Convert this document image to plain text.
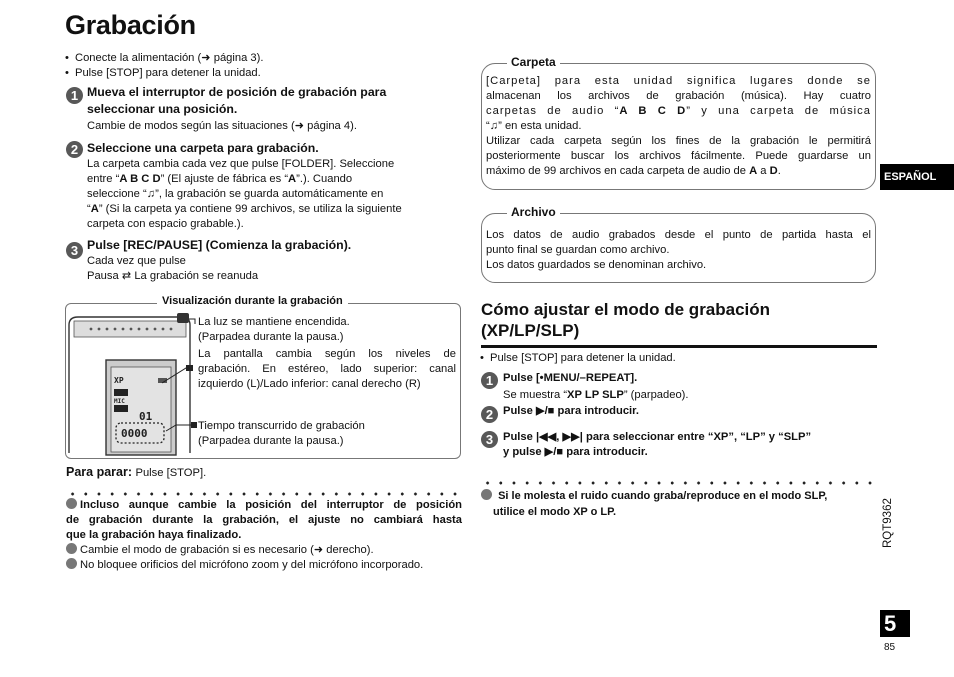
Grabación
• Conecte la alimentación (➜ página 3).
• Pulse [STOP] para detener la unidad.
1 Mueva el interruptor de posición de grabación para
seleccionar una posición.
Cambie de modos según las situaciones (➜ página 4).
2 Seleccione una carpeta para grabación.
La carpeta cambia cada vez que pulse [FOLDER]. Seleccione
entre “A B C D” (El ajuste de fábrica es “A”.). Cuando
seleccione “♫”, la grabación se guarda automáticamente en
“A” (Si la carpeta ya contiene 99 archivos, se utiliza la siguiente
carpeta con espacio grabable.).
3 Pulse [REC/PAUSE] (Comienza la grabación).
Cada vez que pulse
Pausa ⇄ La grabación se reanuda
Visualización durante la grabación
XP
MIC
01
0000
La luz se mantiene encendida.
(Parpadea durante la pausa.)
La pantalla cambia según los niveles de
grabación. En estéreo, lado superior: canal
izquierdo (L)/Lado inferior: canal derecho (R)
Tiempo transcurrido de grabación
(Parpadea durante la pausa.)
Para parar: Pulse [STOP].
Incluso aunque cambie la posición del interruptor de posición
de grabación durante la grabación, el ajuste no cambiará hasta
que la grabación haya finalizado.
Cambie el modo de grabación si es necesario (➜ derecho).
No bloquee orificios del micrófono zoom y del micrófono incorporado.
Carpeta
[Carpeta] para esta unidad significa lugares donde se
almacenan los archivos de grabación (música). Hay cuatro
carpetas de audio “A B C D” y una carpeta de música
“♫” en esta unidad.
Utilizar cada carpeta según los fines de la grabación le permitirá
posteriormente buscar los archivos fácilmente. Puede guardarse un
máximo de 99 archivos en cada carpeta de audio de A a D.
Archivo
Los datos de audio grabados desde el punto de partida hasta el
punto final se guardan como archivo.
Los datos guardados se denominan archivo.
Cómo ajustar el modo de grabación
(XP/LP/SLP)
• Pulse [STOP] para detener la unidad.
1 Pulse [•MENU/–REPEAT].
Se muestra “XP LP SLP” (parpadeo).
2 Pulse ▶/■ para introducir.
3 Pulse |◀◀, ▶▶| para seleccionar entre “XP”, “LP” y “SLP”
y pulse ▶/■ para introducir.
Si le molesta el ruido cuando graba/reproduce en el modo SLP,
utilice el modo XP o LP.
ESPAÑOL
RQT9362
5
85
